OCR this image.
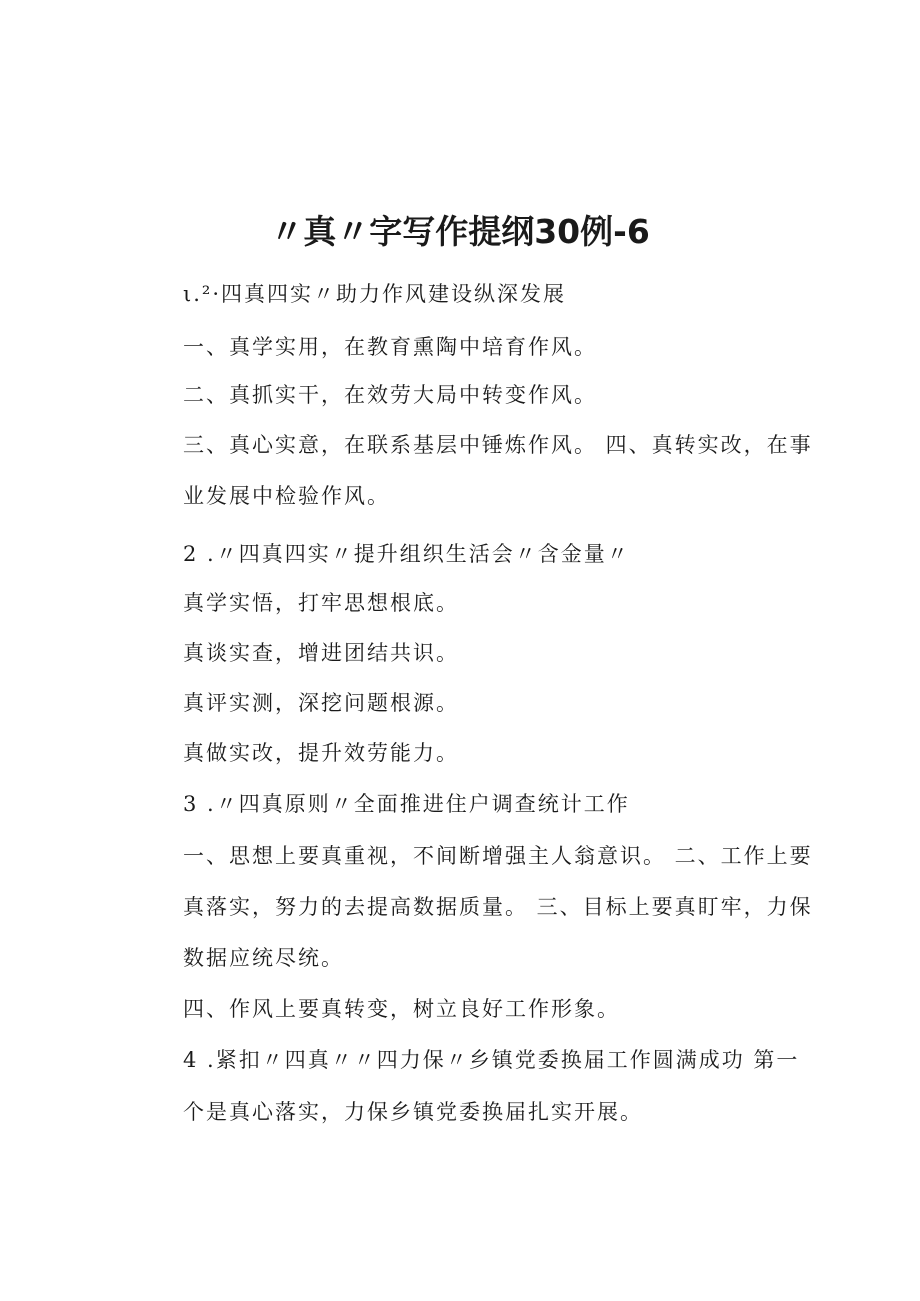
〃真〃字写作提纲30例-6

ι.²·四真四实〃助力作风建设纵深发展

一、真学实用，在教育熏陶中培育作风。

二、真抓实干，在效劳大局中转变作风。

三、真心实意，在联系基层中锤炼作风。 四、真转实改，在事

业发展中检验作风。

2 .〃四真四实〃提升组织生活会〃含金量〃

真学实悟，打牢思想根底。

真谈实查，增进团结共识。

真评实测，深挖问题根源。

真做实改，提升效劳能力。

3 .〃四真原则〃全面推进住户调查统计工作

一、思想上要真重视，不间断增强主人翁意识。 二、工作上要

真落实，努力的去提高数据质量。 三、目标上要真盯牢，力保

数据应统尽统。

四、作风上要真转变，树立良好工作形象。

4 .紧扣〃四真〃〃四力保〃乡镇党委换届工作圆满成功 第一

个是真心落实，力保乡镇党委换届扎实开展。
